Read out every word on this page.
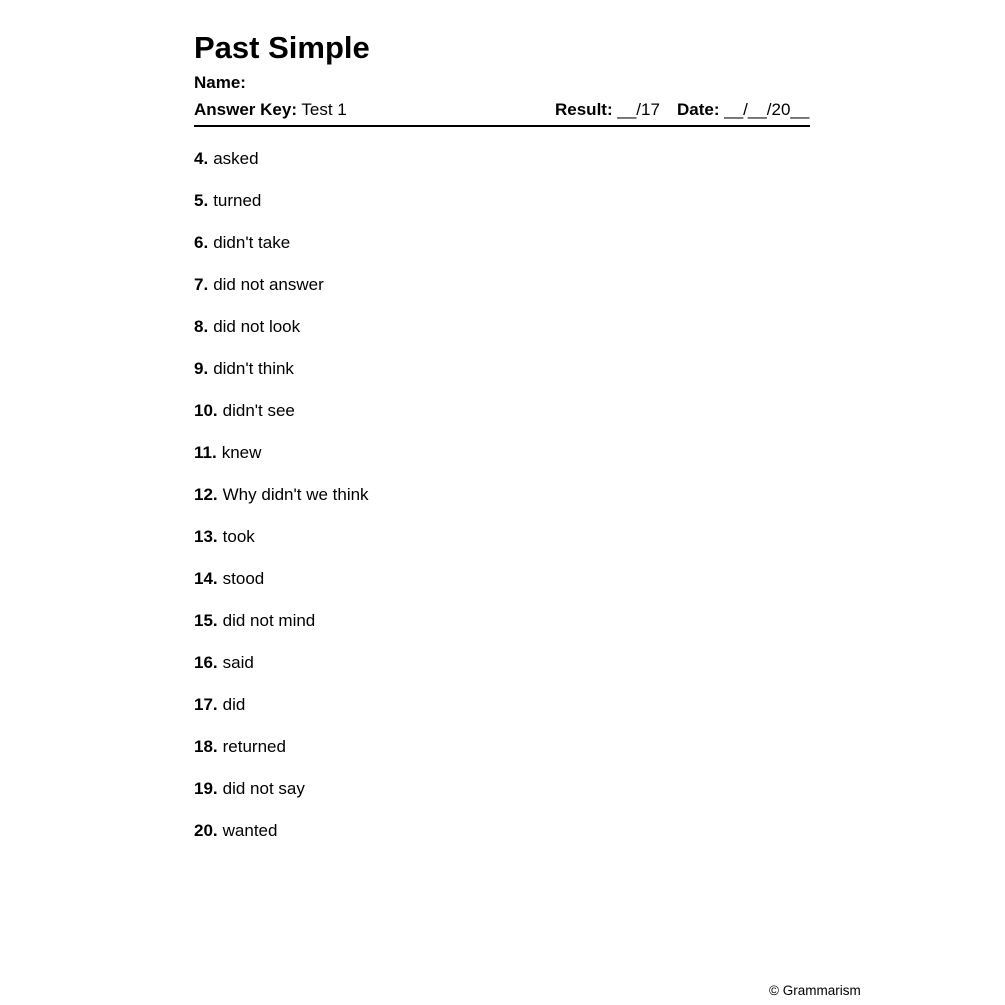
Past Simple
Name:
Answer Key: Test 1	Result: __/17 Date: __/__/20__
4. asked
5. turned
6. didn't take
7. did not answer
8. did not look
9. didn't think
10. didn't see
11. knew
12. Why didn't we think
13. took
14. stood
15. did not mind
16. said
17. did
18. returned
19. did not say
20. wanted
© Grammarism
